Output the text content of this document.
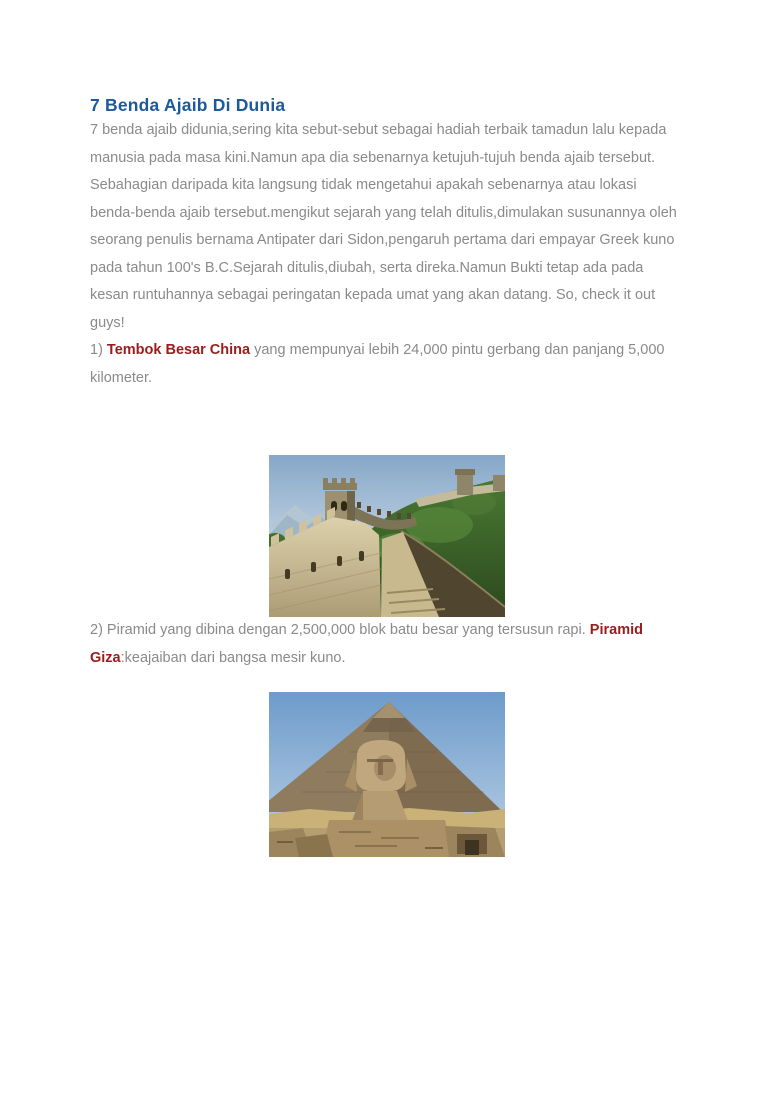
7 Benda Ajaib Di Dunia

7 benda ajaib didunia,sering kita sebut-sebut sebagai hadiah terbaik tamadun lalu kepada manusia pada masa kini.Namun apa dia sebenarnya ketujuh-tujuh benda ajaib tersebut.

Sebahagian daripada kita langsung tidak mengetahui apakah sebenarnya atau lokasi benda-benda ajaib tersebut.mengikut sejarah yang telah ditulis,dimulakan susunannya oleh seorang penulis bernama Antipater dari Sidon,pengaruh pertama dari empayar Greek kuno pada tahun 100's B.C.Sejarah ditulis,diubah, serta direka.Namun Bukti tetap ada pada kesan runtuhannya sebagai peringatan kepada umat yang akan datang. So, check it out guys!

1) Tembok Besar China yang mempunyai lebih 24,000 pintu gerbang dan panjang 5,000 kilometer.

2) Piramid yang dibina dengan 2,500,000 blok batu besar yang tersusun rapi. Piramid Giza:keajaiban dari bangsa mesir kuno.
